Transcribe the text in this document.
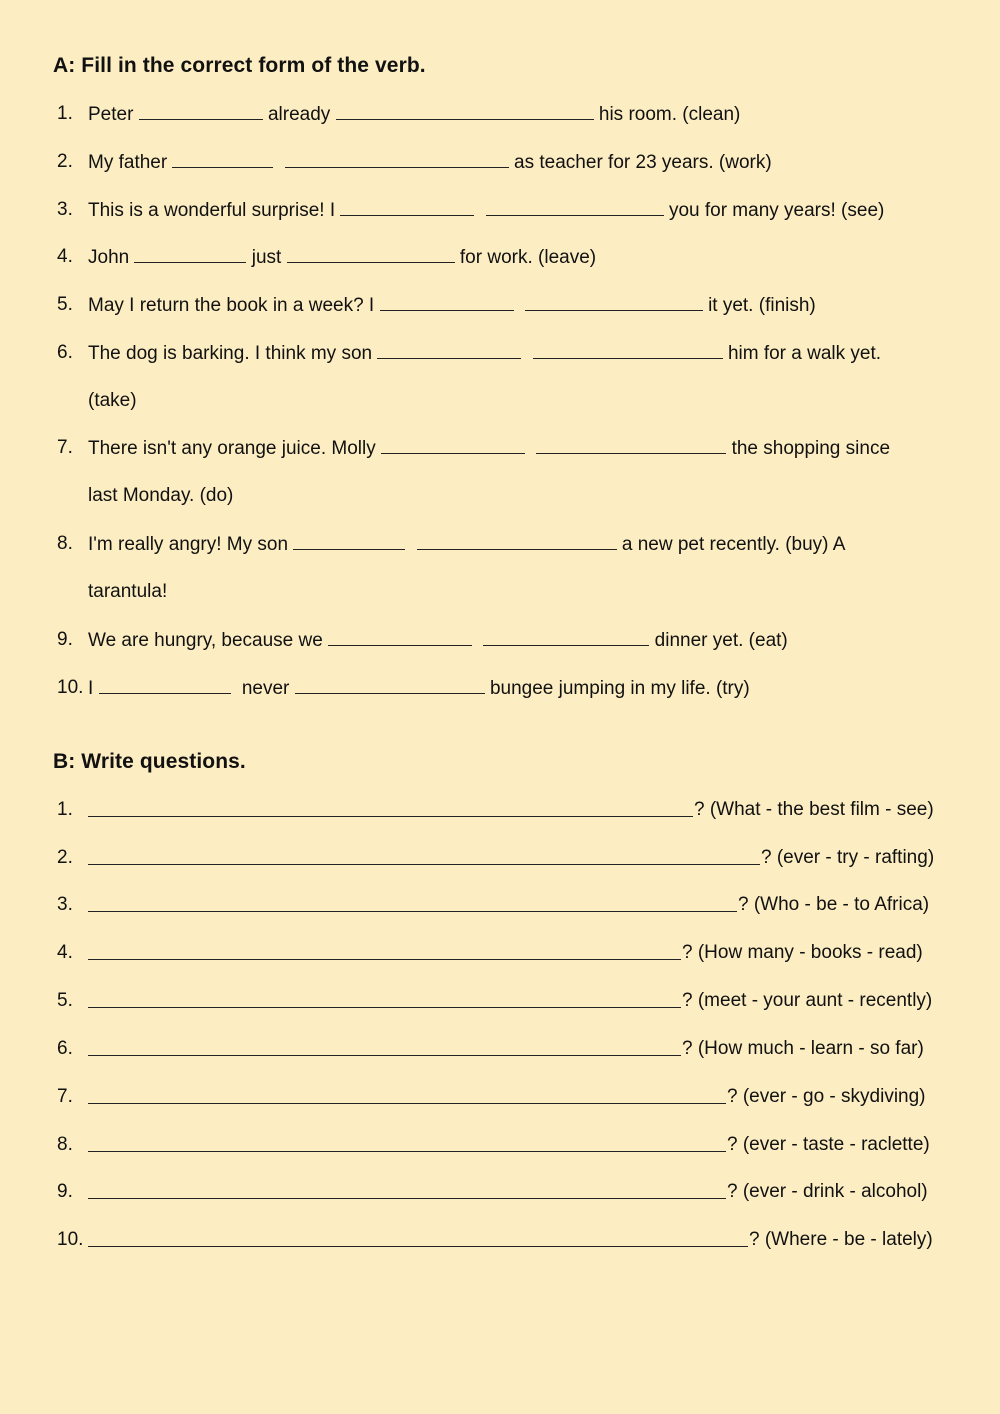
A: Fill in the correct form of the verb.
1. Peter	already	his room. (clean)
2. My father	as teacher for 23 years. (work)
3. This is a wonderful surprise! I	you for many years! (see)
4. John	just	for work. (leave)
5. May I return the book in a week? I	it yet. (finish)
6. The dog is barking. I think my son	him for a walk yet.
(take)
7. There isn't any orange juice. Molly	the shopping since
last Monday. (do)
8. I'm really angry! My son	a new pet recently. (buy) A
tarantula!
9. We are hungry, because we	dinner yet. (eat)
10. I	never	bungee jumping in my life. (try)
B: Write questions.
1.	? (What - the best film - see)
2.	? (ever - try - rafting)
3.	? (Who - be - to Africa)
4.	? (How many - books - read)
5.	? (meet - your aunt - recently)
6.	? (How much - learn - so far)
7.	? (ever - go - skydiving)
8.	? (ever - taste - raclette)
9.	? (ever - drink - alcohol)
10.	? (Where - be - lately)
